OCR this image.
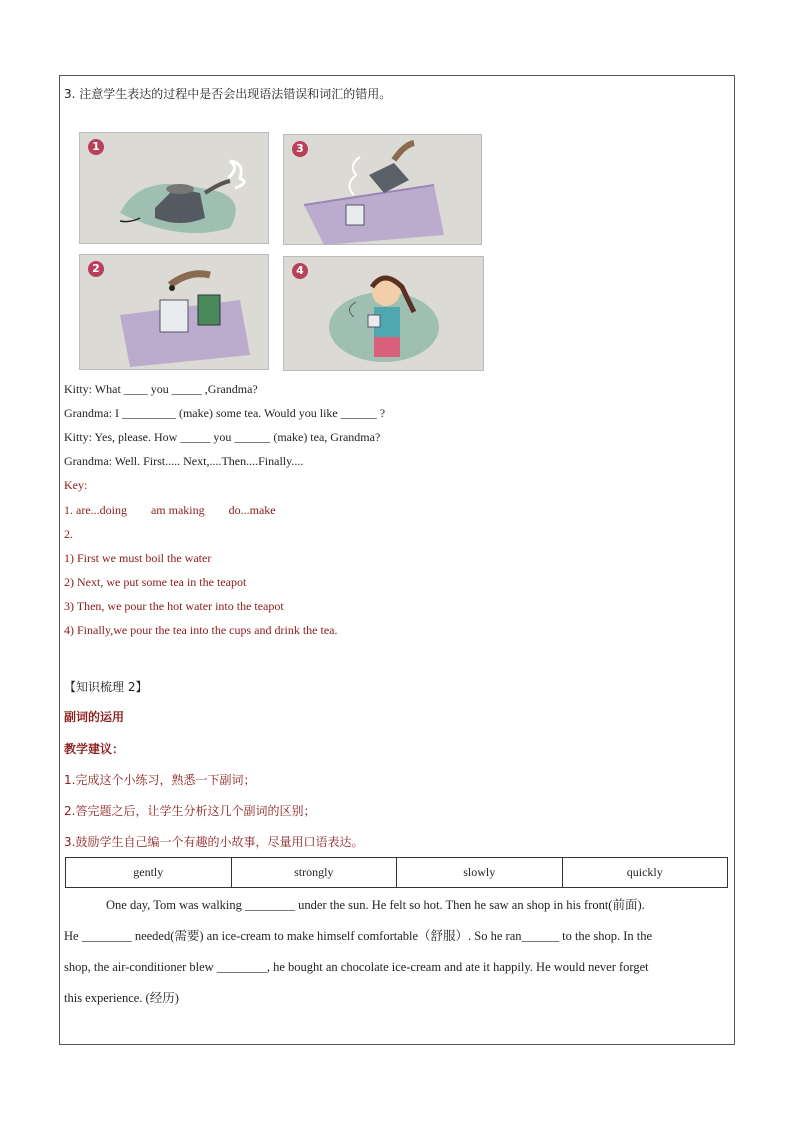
3. 注意学生表达的过程中是否会出现语法错误和词汇的错用。
1	3
2	4
Kitty: What ____ you _____ ,Grandma?
Grandma: I _________ (make) some tea. Would you like ______ ?
Kitty: Yes, please. How _____ you ______ (make) tea, Grandma?
Grandma: Well. First..... Next,....Then....Finally....
Key:
1. are...doing        am making        do...make
2.
1) First we must boil the water
2) Next, we put some tea in the teapot
3) Then, we pour the hot water into the teapot
4) Finally,we pour the tea into the cups and drink the tea.
【知识梳理 2】
副词的运用
教学建议：
1.完成这个小练习，熟悉一下副词；
2.答完题之后，让学生分析这几个副词的区别；
3.鼓励学生自己编一个有趣的小故事，尽量用口语表达。
gently	strongly	slowly	quickly
One day, Tom was walking ________ under the sun. He felt so hot. Then he saw an shop in his front(前面).
He ________ needed(需要) an ice-cream to make himself comfortable（舒服）. So he ran______ to the shop. In the
shop, the air-conditioner blew ________, he bought an chocolate ice-cream and ate it happily. He would never forget
this experience. (经历)
